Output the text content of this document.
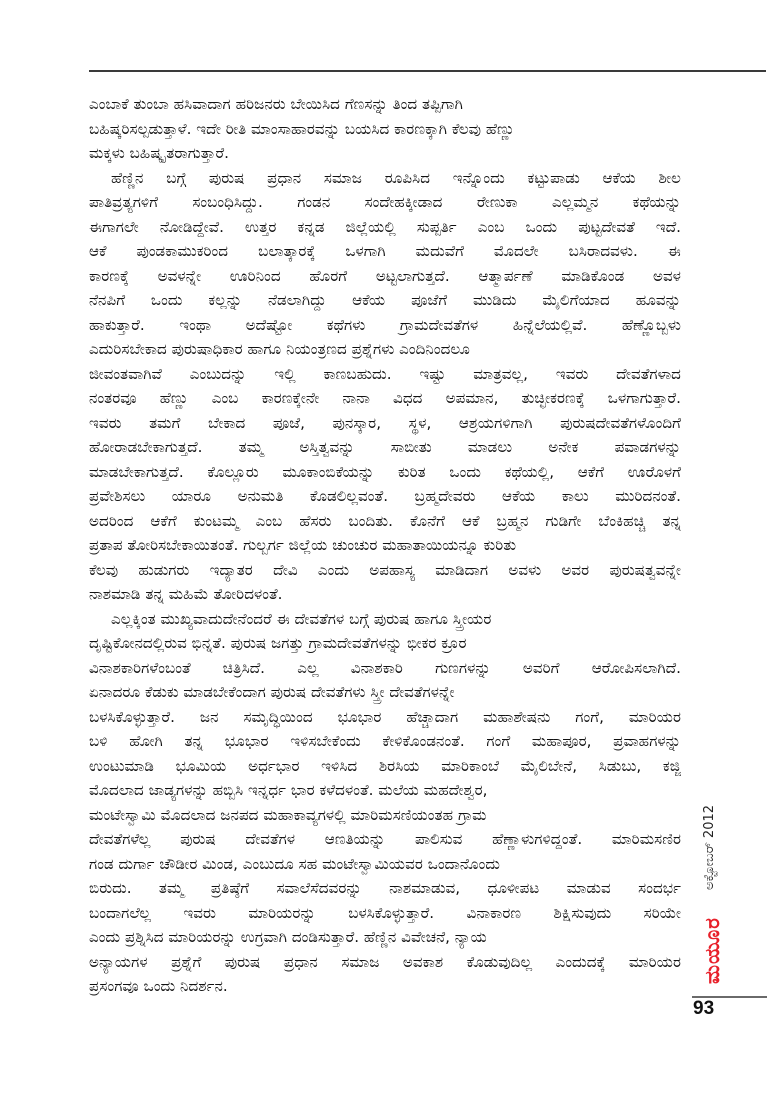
ಎಂಬಾಕೆ ತುಂಬಾ ಹಸಿವಾದಾಗ ಹರಿಜನರು ಬೇಯಿಸಿದ ಗೆಣಸನ್ನು ತಿಂದ ತಪ್ಪಿಗಾಗಿ
ಬಹಿಷ್ಕರಿಸಲ್ಪಡುತ್ತಾಳೆ. ಇದೇ ರೀತಿ ಮಾಂಸಾಹಾರವನ್ನು ಬಯಸಿದ ಕಾರಣಕ್ಕಾಗಿ ಕೆಲವು ಹೆಣ್ಣು
ಮಕ್ಕಳು ಬಹಿಷ್ಕೃತರಾಗುತ್ತಾರೆ.
ಹೆಣ್ಣಿನ ಬಗ್ಗೆ ಪುರುಷ ಪ್ರಧಾನ ಸಮಾಜ ರೂಪಿಸಿದ ಇನ್ನೊಂದು ಕಟ್ಟುಪಾಡು ಆಕೆಯ ಶೀಲ
ಪಾತಿವ್ರತ್ಯಗಳಿಗೆ ಸಂಬಂಧಿಸಿದ್ದು. ಗಂಡನ ಸಂದೇಹಕ್ಕೀಡಾದ ರೇಣುಕಾ ಎಲ್ಲಮ್ಮನ ಕಥೆಯನ್ನು
ಈಗಾಗಲೇ ನೋಡಿದ್ದೇವೆ. ಉತ್ತರ ಕನ್ನಡ ಜಿಲ್ಲೆಯಲ್ಲಿ ಸುಪ್ಪರ್ತಿ ಎಂಬ ಒಂದು ಪುಟ್ಟದೇವತೆ ಇದೆ.
ಆಕೆ ಪುಂಡಕಾಮುಕರಿಂದ ಬಲಾತ್ಕಾರಕ್ಕೆ ಒಳಗಾಗಿ ಮದುವೆಗೆ ಮೊದಲೇ ಬಸಿರಾದವಳು. ಈ
ಕಾರಣಕ್ಕೆ ಅವಳನ್ನೇ ಊರಿನಿಂದ ಹೊರಗೆ ಅಟ್ಟಲಾಗುತ್ತದೆ. ಆತ್ಮಾರ್ಪಣೆ ಮಾಡಿಕೊಂಡ ಅವಳ
ನೆನಪಿಗೆ ಒಂದು ಕಲ್ಲನ್ನು ನೆಡಲಾಗಿದ್ದು ಆಕೆಯ ಪೂಜೆಗೆ ಮುಡಿದು ಮೈಲಿಗೆಯಾದ ಹೂವನ್ನು
ಹಾಕುತ್ತಾರೆ. ಇಂಥಾ ಅದೆಷ್ಟೋ ಕಥೆಗಳು ಗ್ರಾಮದೇವತೆಗಳ ಹಿನ್ನೆಲೆಯಲ್ಲಿವೆ. ಹೆಣ್ಣೊಬ್ಬಳು
ಎದುರಿಸಬೇಕಾದ ಪುರುಷಾಧಿಕಾರ ಹಾಗೂ ನಿಯಂತ್ರಣದ ಪ್ರಶ್ನೆಗಳು ಎಂದಿನಿಂದಲೂ
ಜೀವಂತವಾಗಿವೆ ಎಂಬುದನ್ನು ಇಲ್ಲಿ ಕಾಣಬಹುದು. ಇಷ್ಟು ಮಾತ್ರವಲ್ಲ, ಇವರು ದೇವತೆಗಳಾದ
ನಂತರವೂ ಹೆಣ್ಣು ಎಂಬ ಕಾರಣಕ್ಕೇನೇ ನಾನಾ ವಿಧದ ಅಪಮಾನ, ತುಚ್ಛೀಕರಣಕ್ಕೆ ಒಳಗಾಗುತ್ತಾರೆ.
ಇವರು ತಮಗೆ ಬೇಕಾದ ಪೂಜೆ, ಪುನಸ್ಕಾರ, ಸ್ಥಳ, ಆಶ್ರಯಗಳಿಗಾಗಿ ಪುರುಷದೇವತೆಗಳೊಂದಿಗೆ
ಹೋರಾಡಬೇಕಾಗುತ್ತದೆ. ತಮ್ಮ ಅಸ್ತಿತ್ವವನ್ನು ಸಾಬೀತು ಮಾಡಲು ಅನೇಕ ಪವಾಡಗಳನ್ನು
ಮಾಡಬೇಕಾಗುತ್ತದೆ. ಕೊಲ್ಲೂರು ಮೂಕಾಂಬಿಕೆಯನ್ನು ಕುರಿತ ಒಂದು ಕಥೆಯಲ್ಲಿ, ಆಕೆಗೆ ಊರೊಳಗೆ
ಪ್ರವೇಶಿಸಲು ಯಾರೂ ಅನುಮತಿ ಕೊಡಲಿಲ್ಲವಂತೆ. ಬ್ರಹ್ಮದೇವರು ಆಕೆಯ ಕಾಲು ಮುರಿದನಂತೆ.
ಅದರಿಂದ ಆಕೆಗೆ ಕುಂಟಮ್ಮ ಎಂಬ ಹೆಸರು ಬಂದಿತು. ಕೊನೆಗೆ ಆಕೆ ಬ್ರಹ್ಮನ ಗುಡಿಗೇ ಬೆಂಕಿಹಚ್ಚಿ ತನ್ನ
ಪ್ರತಾಪ ತೋರಿಸಬೇಕಾಯಿತಂತೆ. ಗುಲ್ಬರ್ಗ ಜಿಲ್ಲೆಯ ಚುಂಚುರ ಮಹಾತಾಯಿಯನ್ನೂ ಕುರಿತು
ಕೆಲವು ಹುಡುಗರು ಇದ್ಯಾತರ ದೇವಿ ಎಂದು ಅಪಹಾಸ್ಯ ಮಾಡಿದಾಗ ಅವಳು ಅವರ ಪುರುಷತ್ವವನ್ನೇ
ನಾಶಮಾಡಿ ತನ್ನ ಮಹಿಮೆ ತೋರಿದಳಂತೆ.
ಎಲ್ಲಕ್ಕಿಂತ ಮುಖ್ಯವಾದುದೇನೆಂದರೆ ಈ ದೇವತೆಗಳ ಬಗ್ಗೆ ಪುರುಷ ಹಾಗೂ ಸ್ತ್ರೀಯರ
ದೃಷ್ಟಿಕೋನದಲ್ಲಿರುವ ಭಿನ್ನತೆ. ಪುರುಷ ಜಗತ್ತು ಗ್ರಾಮದೇವತೆಗಳನ್ನು ಭೀಕರ ಕ್ರೂರ
ವಿನಾಶಕಾರಿಗಳೆಂಬಂತೆ ಚಿತ್ರಿಸಿದೆ. ಎಲ್ಲ ವಿನಾಶಕಾರಿ ಗುಣಗಳನ್ನು ಅವರಿಗೆ ಆರೋಪಿಸಲಾಗಿದೆ.
ಏನಾದರೂ ಕೆಡುಕು ಮಾಡಬೇಕೆಂದಾಗ ಪುರುಷ ದೇವತೆಗಳು ಸ್ತ್ರೀ ದೇವತೆಗಳನ್ನೇ
ಬಳಸಿಕೊಳ್ಳುತ್ತಾರೆ. ಜನ ಸಮೃದ್ಧಿಯಿಂದ ಭೂಭಾರ ಹೆಚ್ಚಾದಾಗ ಮಹಾಶೇಷನು ಗಂಗೆ, ಮಾರಿಯರ
ಬಳಿ ಹೋಗಿ ತನ್ನ ಭೂಭಾರ ಇಳಿಸಬೇಕೆಂದು ಕೇಳಿಕೊಂಡನಂತೆ. ಗಂಗೆ ಮಹಾಪೂರ, ಪ್ರವಾಹಗಳನ್ನು
ಉಂಟುಮಾಡಿ ಭೂಮಿಯ ಅರ್ಧಭಾರ ಇಳಿಸಿದ ಶಿರಸಿಯ ಮಾರಿಕಾಂಬೆ ಮೈಲಿಬೇನೆ, ಸಿಡುಬು, ಕಜ್ಜಿ
ಮೊದಲಾದ ಜಾಡ್ಯಗಳನ್ನು ಹಬ್ಬಿಸಿ ಇನ್ನರ್ಧ ಭಾರ ಕಳೆದಳಂತೆ. ಮಲೆಯ ಮಹದೇಶ್ವರ,
ಮಂಟೇಸ್ವಾಮಿ ಮೊದಲಾದ ಜನಪದ ಮಹಾಕಾವ್ಯಗಳಲ್ಲಿ ಮಾರಿಮಸಣಿಯಂತಹ ಗ್ರಾಮ
ದೇವತೆಗಳೆಲ್ಲ ಪುರುಷ ದೇವತೆಗಳ ಆಣತಿಯನ್ನು ಪಾಲಿಸುವ ಹೆಣ್ಣಾಳುಗಳಿದ್ದಂತೆ. ಮಾರಿಮಸಣಿರ
ಗಂಡ ದುರ್ಗಾ ಚೌಡೀರ ಮಿಂಡ, ಎಂಬುದೂ ಸಹ ಮಂಟೇಸ್ವಾಮಿಯವರ ಒಂದಾನೊಂದು
ಬಿರುದು. ತಮ್ಮ ಪ್ರತಿಷ್ಠೆಗೆ ಸವಾಲೆಸೆದವರನ್ನು ನಾಶಮಾಡುವ, ಧೂಳೀಪಟ ಮಾಡುವ ಸಂದರ್ಭ
ಬಂದಾಗಲೆಲ್ಲ ಇವರು ಮಾರಿಯರನ್ನು ಬಳಸಿಕೊಳ್ಳುತ್ತಾರೆ. ವಿನಾಕಾರಣ ಶಿಕ್ಷಿಸುವುದು ಸರಿಯೇ
ಎಂದು ಪ್ರಶ್ನಿಸಿದ ಮಾರಿಯರನ್ನು ಉಗ್ರವಾಗಿ ದಂಡಿಸುತ್ತಾರೆ. ಹೆಣ್ಣಿನ ವಿವೇಚನೆ, ನ್ಯಾಯ
ಅನ್ಯಾಯಗಳ ಪ್ರಶ್ನೆಗೆ ಪುರುಷ ಪ್ರಧಾನ ಸಮಾಜ ಅವಕಾಶ ಕೊಡುವುದಿಲ್ಲ ಎಂದುದಕ್ಕೆ ಮಾರಿಯರ
ಪ್ರಸಂಗವೂ ಒಂದು ನಿದರ್ಶನ.
ಅಕ್ಟೋಬರ್ 2012
ಮಯೂರ
93
